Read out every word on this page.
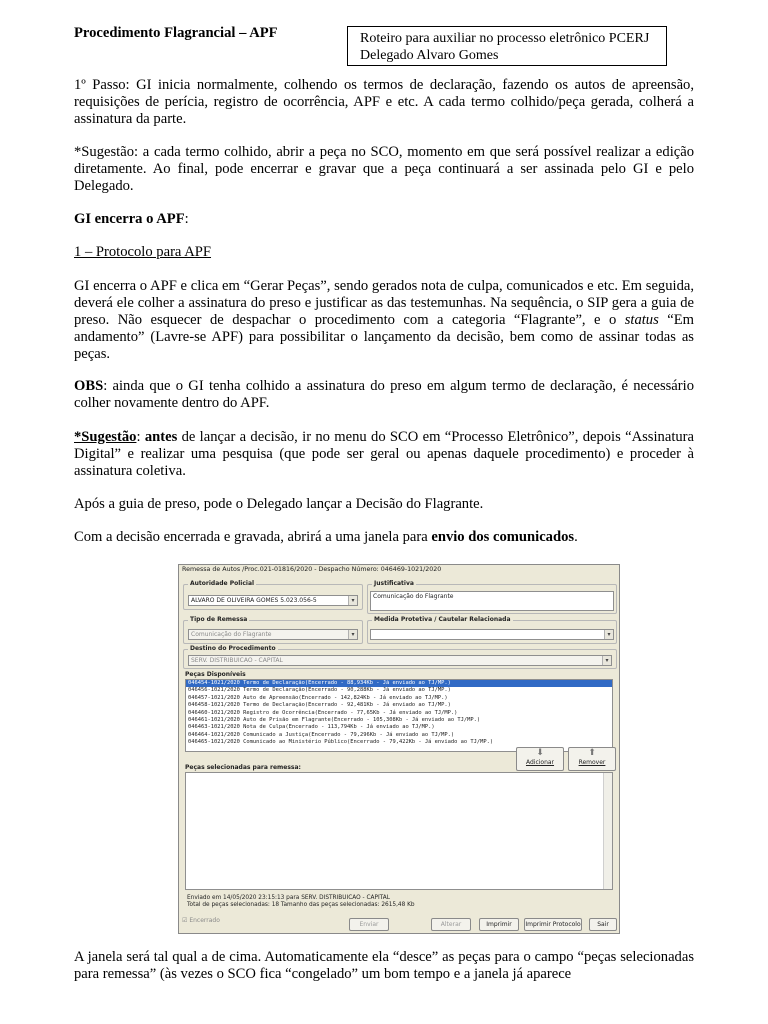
Procedimento Flagrancial – APF	Roteiro para auxiliar no processo eletrônico PCERJ
Delegado Alvaro Gomes

1º Passo: GI inicia normalmente, colhendo os termos de declaração, fazendo os autos de apreensão, requisições de perícia, registro de ocorrência, APF e etc. A cada termo colhido/peça gerada, colherá a assinatura da parte.

*Sugestão: a cada termo colhido, abrir a peça no SCO, momento em que será possível realizar a edição diretamente. Ao final, pode encerrar e gravar que a peça continuará a ser assinada pelo GI e pelo Delegado.

GI encerra o APF:

1 – Protocolo para APF

GI encerra o APF e clica em “Gerar Peças”, sendo gerados nota de culpa, comunicados e etc. Em seguida, deverá ele colher a assinatura do preso e justificar as das testemunhas. Na sequência, o SIP gera a guia de preso. Não esquecer de despachar o procedimento com a categoria “Flagrante”, e o status “Em andamento” (Lavre-se APF) para possibilitar o lançamento da decisão, bem como de assinar todas as peças.

OBS: ainda que o GI tenha colhido a assinatura do preso em algum termo de declaração, é necessário colher novamente dentro do APF.

*Sugestão: antes de lançar a decisão, ir no menu do SCO em “Processo Eletrônico”, depois “Assinatura Digital” e realizar uma pesquisa (que pode ser geral ou apenas daquele procedimento) e proceder à assinatura coletiva.

Após a guia de preso, pode o Delegado lançar a Decisão do Flagrante.

Com a decisão encerrada e gravada, abrirá a uma janela para envio dos comunicados.

Remessa de Autos /Proc.021-01816/2020 - Despacho Número: 046469-1021/2020
Autoridade Policial
ALVARO DE OLIVEIRA GOMES 5.023.056-5	▾
Justificativa
Comunicação do Flagrante
Tipo de Remessa
Comunicação do Flagrante	▾
Medida Protetiva / Cautelar Relacionada
▾
Destino do Procedimento
SERV. DISTRIBUICAO - CAPITAL	▾
Peças Disponíveis
046454-1021/2020 Termo de Declaração(Encerrado - 88,934Kb - Já enviado ao TJ/MP.)
046456-1021/2020 Termo de Declaração(Encerrado - 90,288Kb - Já enviado ao TJ/MP.)
046457-1021/2020 Auto de Apreensão(Encerrado - 142,824Kb - Já enviado ao TJ/MP.)
046458-1021/2020 Termo de Declaração(Encerrado - 92,481Kb - Já enviado ao TJ/MP.)
046460-1021/2020 Registro de Ocorrência(Encerrado - 77,65Kb - Já enviado ao TJ/MP.)
046461-1021/2020 Auto de Prisão em Flagrante(Encerrado - 105,308Kb - Já enviado ao TJ/MP.)
046463-1021/2020 Nota de Culpa(Encerrado - 113,794Kb - Já enviado ao TJ/MP.)
046464-1021/2020 Comunicado a Justiça(Encerrado - 79,296Kb - Já enviado ao TJ/MP.)
046465-1021/2020 Comunicado ao Ministério Público(Encerrado - 79,422Kb - Já enviado ao TJ/MP.)
⬇
Adicionar
⬆
Remover
Peças selecionadas para remessa:
Enviado em 14/05/2020 23:15:13 para SERV. DISTRIBUICAO - CAPITAL
Total de peças selecionadas: 18 Tamanho das peças selecionadas: 2615,48 Kb
☑ Encerrado
Enviar	Alterar	Imprimir	Imprimir Protocolo	Sair

A janela será tal qual a de cima. Automaticamente ela “desce” as peças para o campo “peças selecionadas para remessa” (às vezes o SCO fica “congelado” um bom tempo e a janela já aparece
